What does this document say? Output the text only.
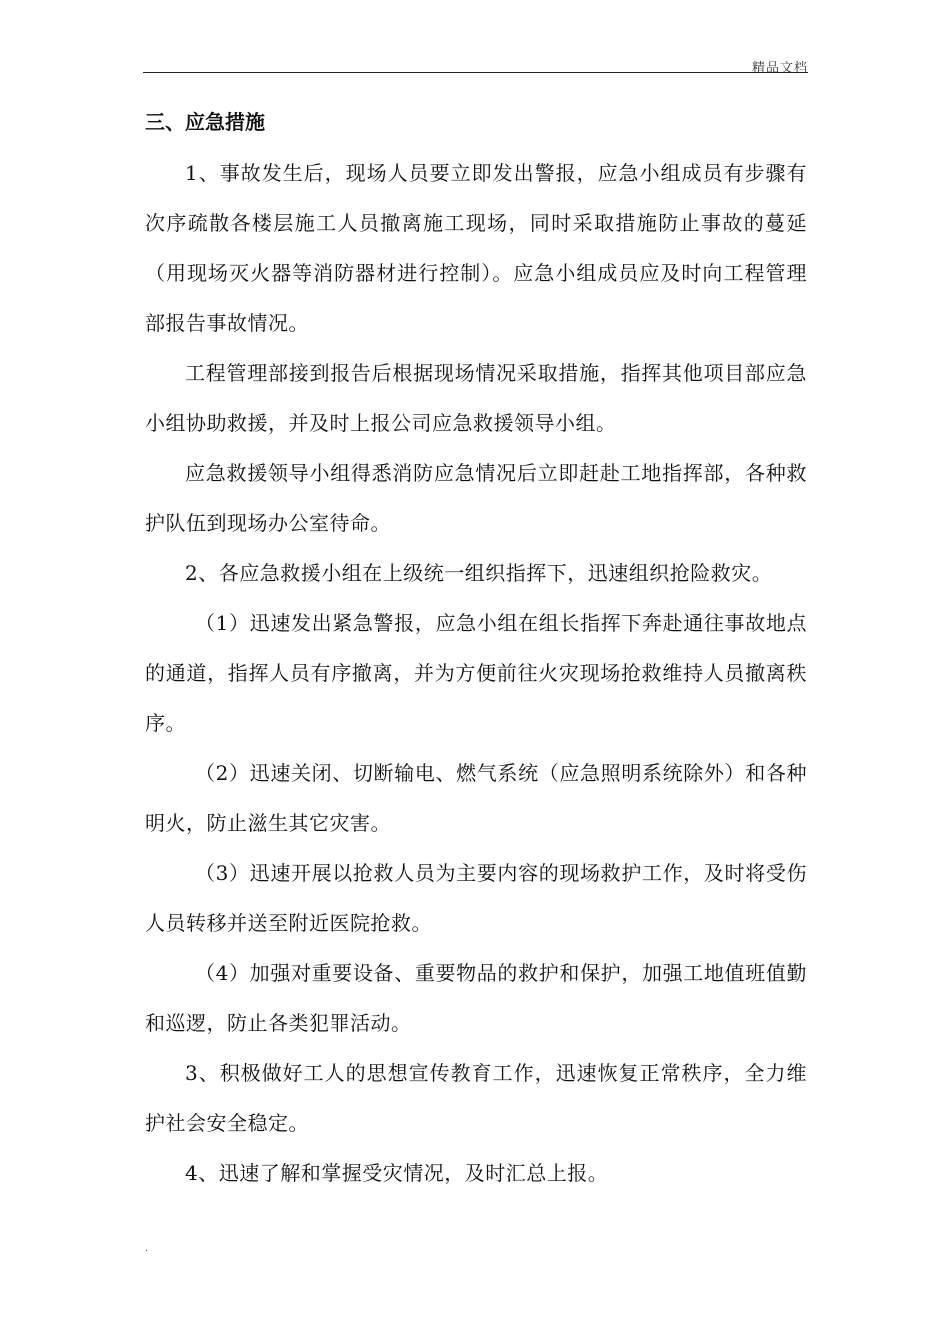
精品文档
三、应急措施

1、事故发生后，现场人员要立即发出警报，应急小组成员有步骤有次序疏散各楼层施工人员撤离施工现场，同时采取措施防止事故的蔓延（用现场灭火器等消防器材进行控制）。应急小组成员应及时向工程管理部报告事故情况。

工程管理部接到报告后根据现场情况采取措施，指挥其他项目部应急小组协助救援，并及时上报公司应急救援领导小组。

应急救援领导小组得悉消防应急情况后立即赶赴工地指挥部，各种救护队伍到现场办公室待命。

2、各应急救援小组在上级统一组织指挥下，迅速组织抢险救灾。

（1）迅速发出紧急警报，应急小组在组长指挥下奔赴通往事故地点的通道，指挥人员有序撤离，并为方便前往火灾现场抢救维持人员撤离秩序。

（2）迅速关闭、切断输电、燃气系统（应急照明系统除外）和各种明火，防止滋生其它灾害。

（3）迅速开展以抢救人员为主要内容的现场救护工作，及时将受伤人员转移并送至附近医院抢救。

（4）加强对重要设备、重要物品的救护和保护，加强工地值班值勤和巡逻，防止各类犯罪活动。

3、积极做好工人的思想宣传教育工作，迅速恢复正常秩序，全力维护社会安全稳定。

4、迅速了解和掌握受灾情况，及时汇总上报。

.
